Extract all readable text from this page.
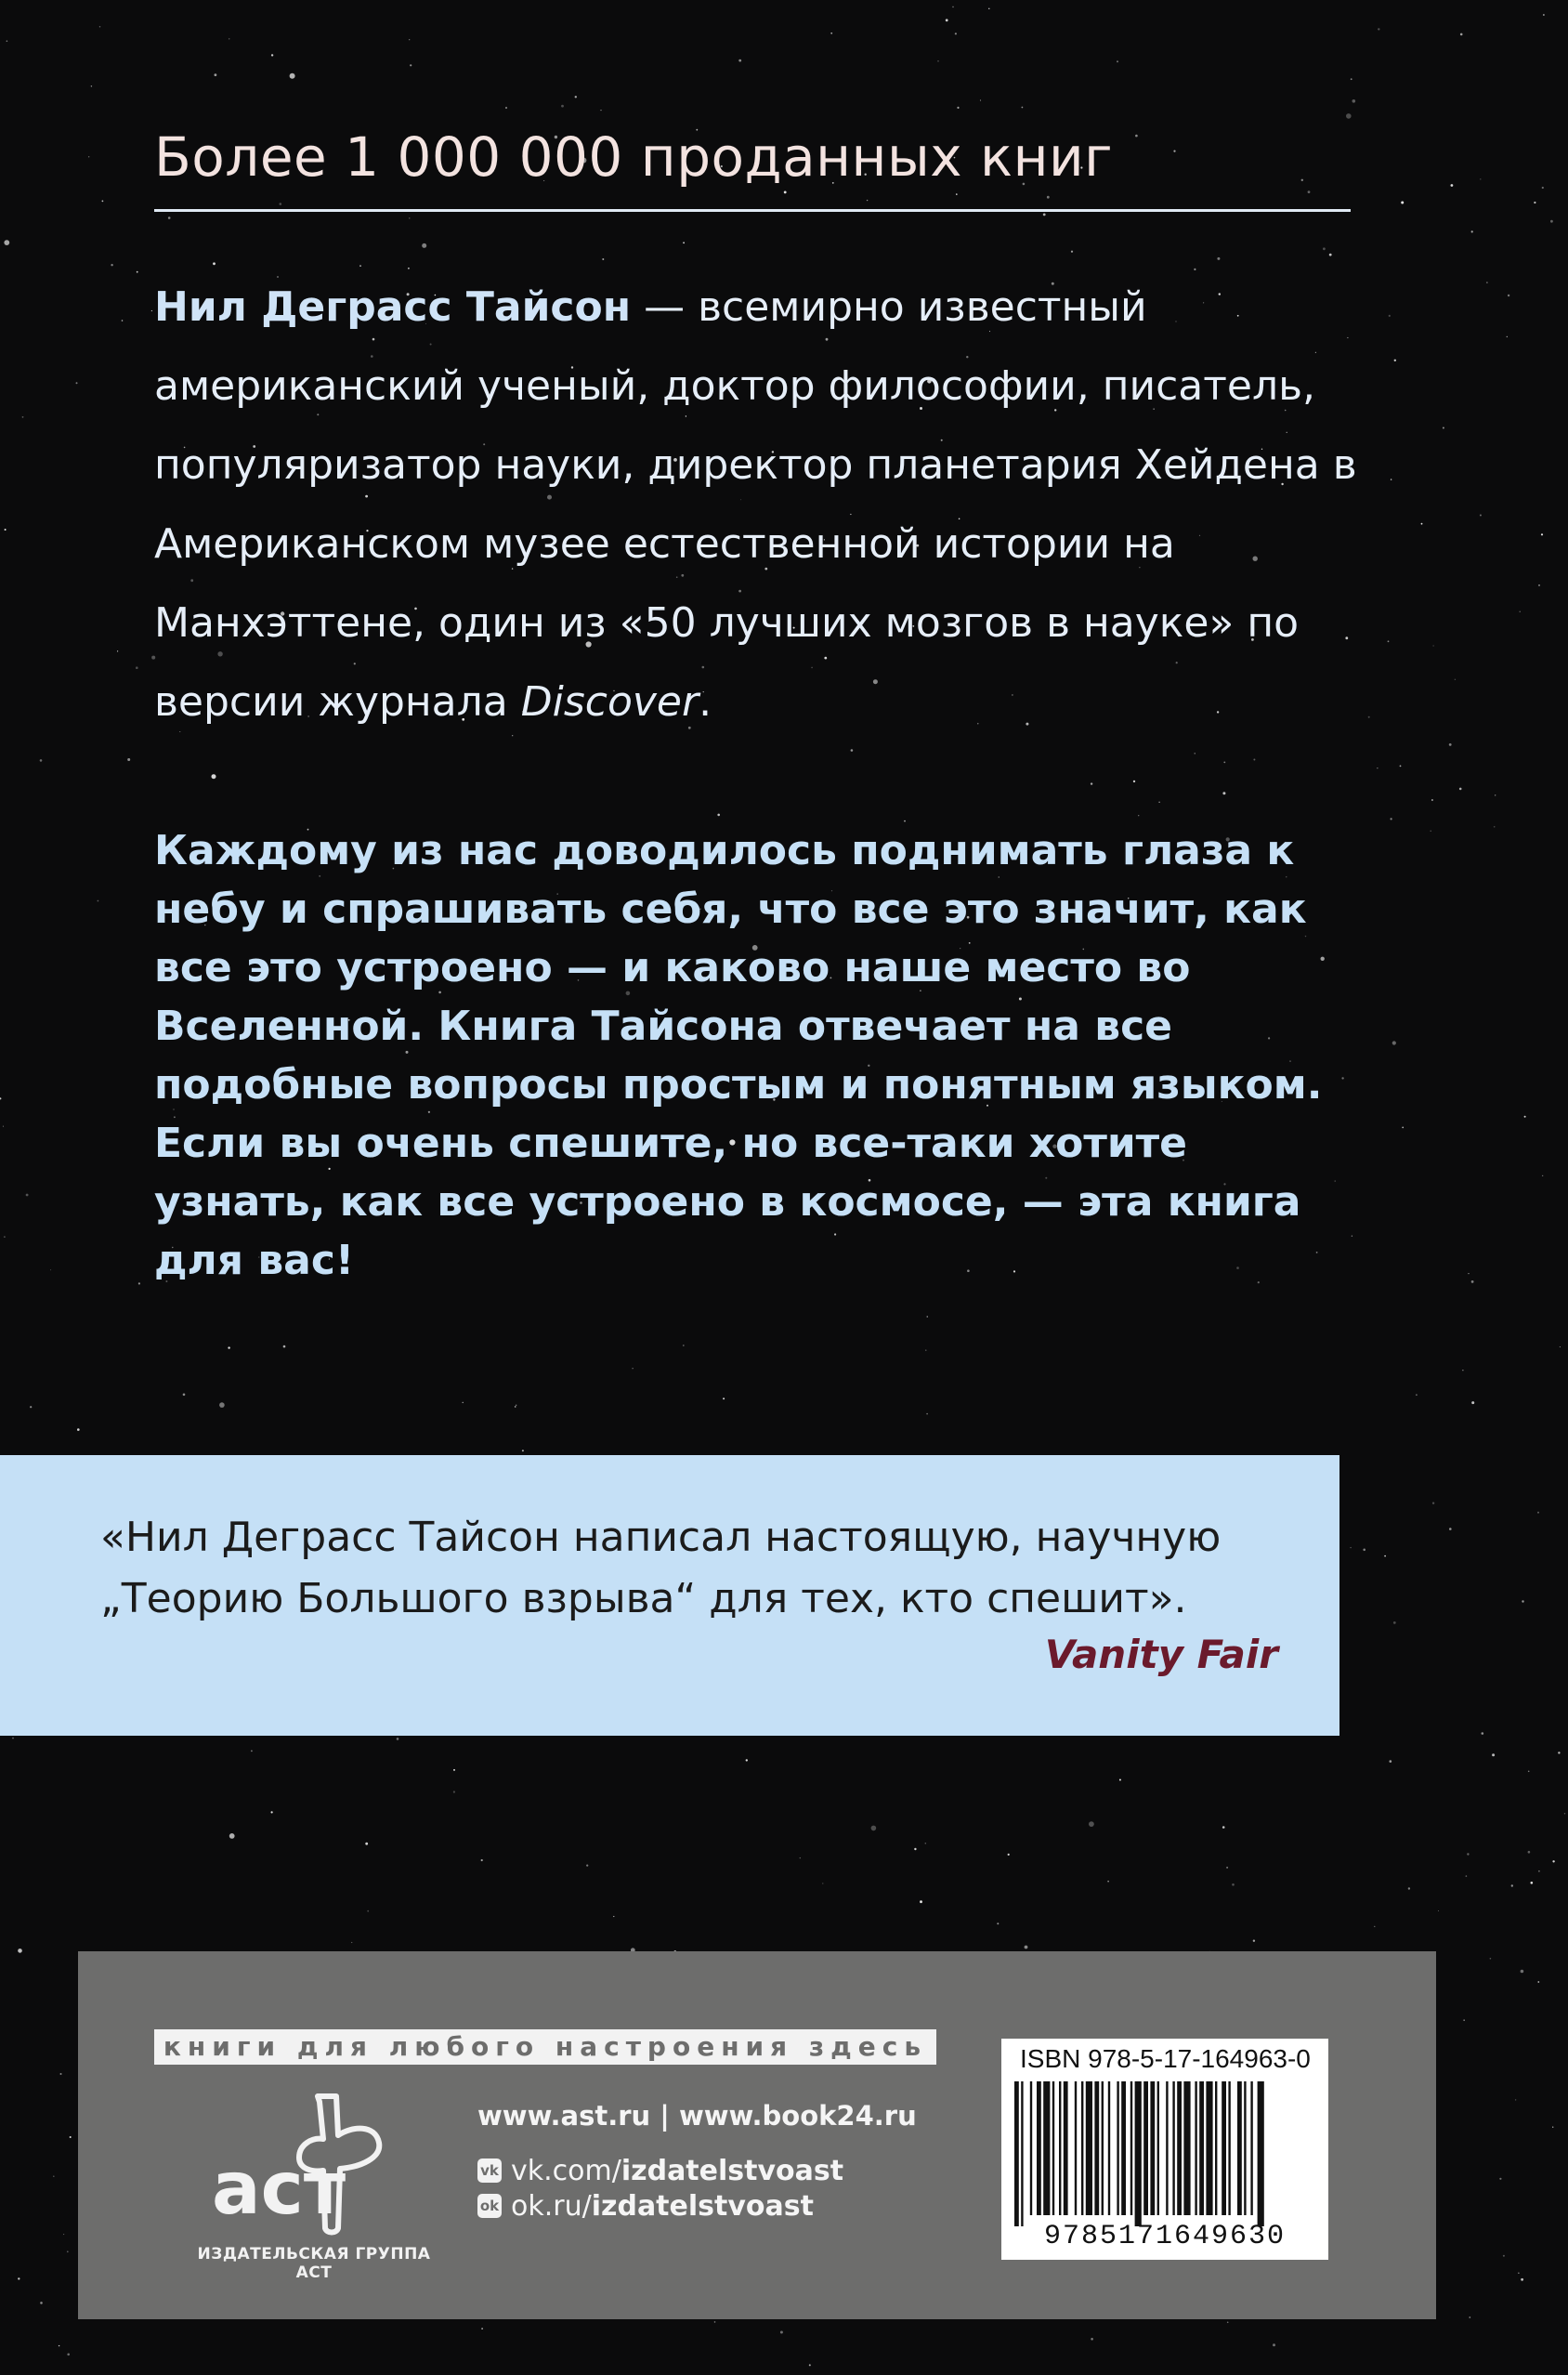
Более 1 000 000 проданных книг
Нил Деграсс Тайсон — всемирно известный американский ученый, доктор философии, писатель, популяризатор науки, директор планетария Хейдена в Американском музее естественной истории на Манхэттене, один из «50 лучших мозгов в науке» по версии журнала Discover.
Каждому из нас доводилось поднимать глаза к небу и спрашивать себя, что все это значит, как все это устроено — и каково наше место во Вселенной. Книга Тайсона отвечает на все подобные вопросы простым и понятным языком. Если вы очень спешите, но все-таки хотите узнать, как все устроено в космосе, — эта книга для вас!
«Нил Деграсс Тайсон написал настоящую, научную
„Теорию Большого взрыва“ для тех, кто спешит».
Vanity Fair
книги для любого настроения здесь
аст
ИЗДАТЕЛЬСКАЯ ГРУППА АСТ
www.ast.ru | www.book24.ru
vk vk.com/ izdatelstvoast
ok ok.ru/ izdatelstvoast
ISBN 978-5-17-164963-0
9785171649630
